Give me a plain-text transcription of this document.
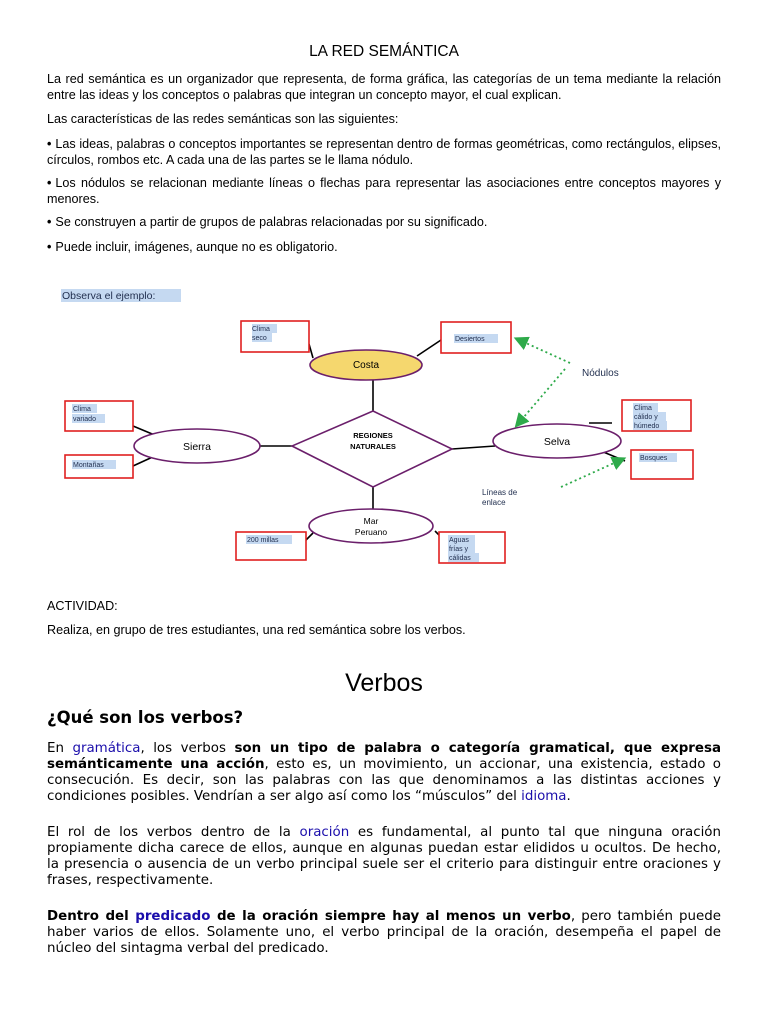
LA RED SEMÁNTICA
La red semántica es un organizador que representa, de forma gráfica, las categorías de un tema mediante la relación entre las ideas y los conceptos o palabras que integran un concepto mayor, el cual explican.
Las características de las redes semánticas son las siguientes:
• Las ideas, palabras o conceptos importantes se representan dentro de formas geométricas, como rectángulos, elipses, círculos, rombos etc. A cada una de las partes se le llama nódulo.
• Los nódulos se relacionan mediante líneas o flechas para representar las asociaciones entre conceptos mayores y menores.
• Se construyen a partir de grupos de palabras relacionadas por su significado.
• Puede incluir, imágenes, aunque no es obligatorio.
Observa el ejemplo:
Costa
Sierra	Selva
Mar
Peruano
REGIONES
NATURALES
Clima
seco	Desiertos
Clima
variado
Montañas
Clima
cálido y
húmedo
Bosques
200 millas	Aguas
frías y
cálidas
Nódulos
Líneas de
enlace
ACTIVIDAD:
Realiza, en grupo de tres estudiantes, una red semántica sobre los verbos.
Verbos
¿Qué son los verbos?
En gramática, los verbos son un tipo de palabra o categoría gramatical, que expresa semánticamente una acción, esto es, un movimiento, un accionar, una existencia, estado o consecución. Es decir, son las palabras con las que denominamos a las distintas acciones y condiciones posibles. Vendrían a ser algo así como los “músculos” del idioma.
El rol de los verbos dentro de la oración es fundamental, al punto tal que ninguna oración propiamente dicha carece de ellos, aunque en algunas puedan estar elididos u ocultos. De hecho, la presencia o ausencia de un verbo principal suele ser el criterio para distinguir entre oraciones y frases, respectivamente.
Dentro del predicado de la oración siempre hay al menos un verbo, pero también puede haber varios de ellos. Solamente uno, el verbo principal de la oración, desempeña el papel de núcleo del sintagma verbal del predicado.
